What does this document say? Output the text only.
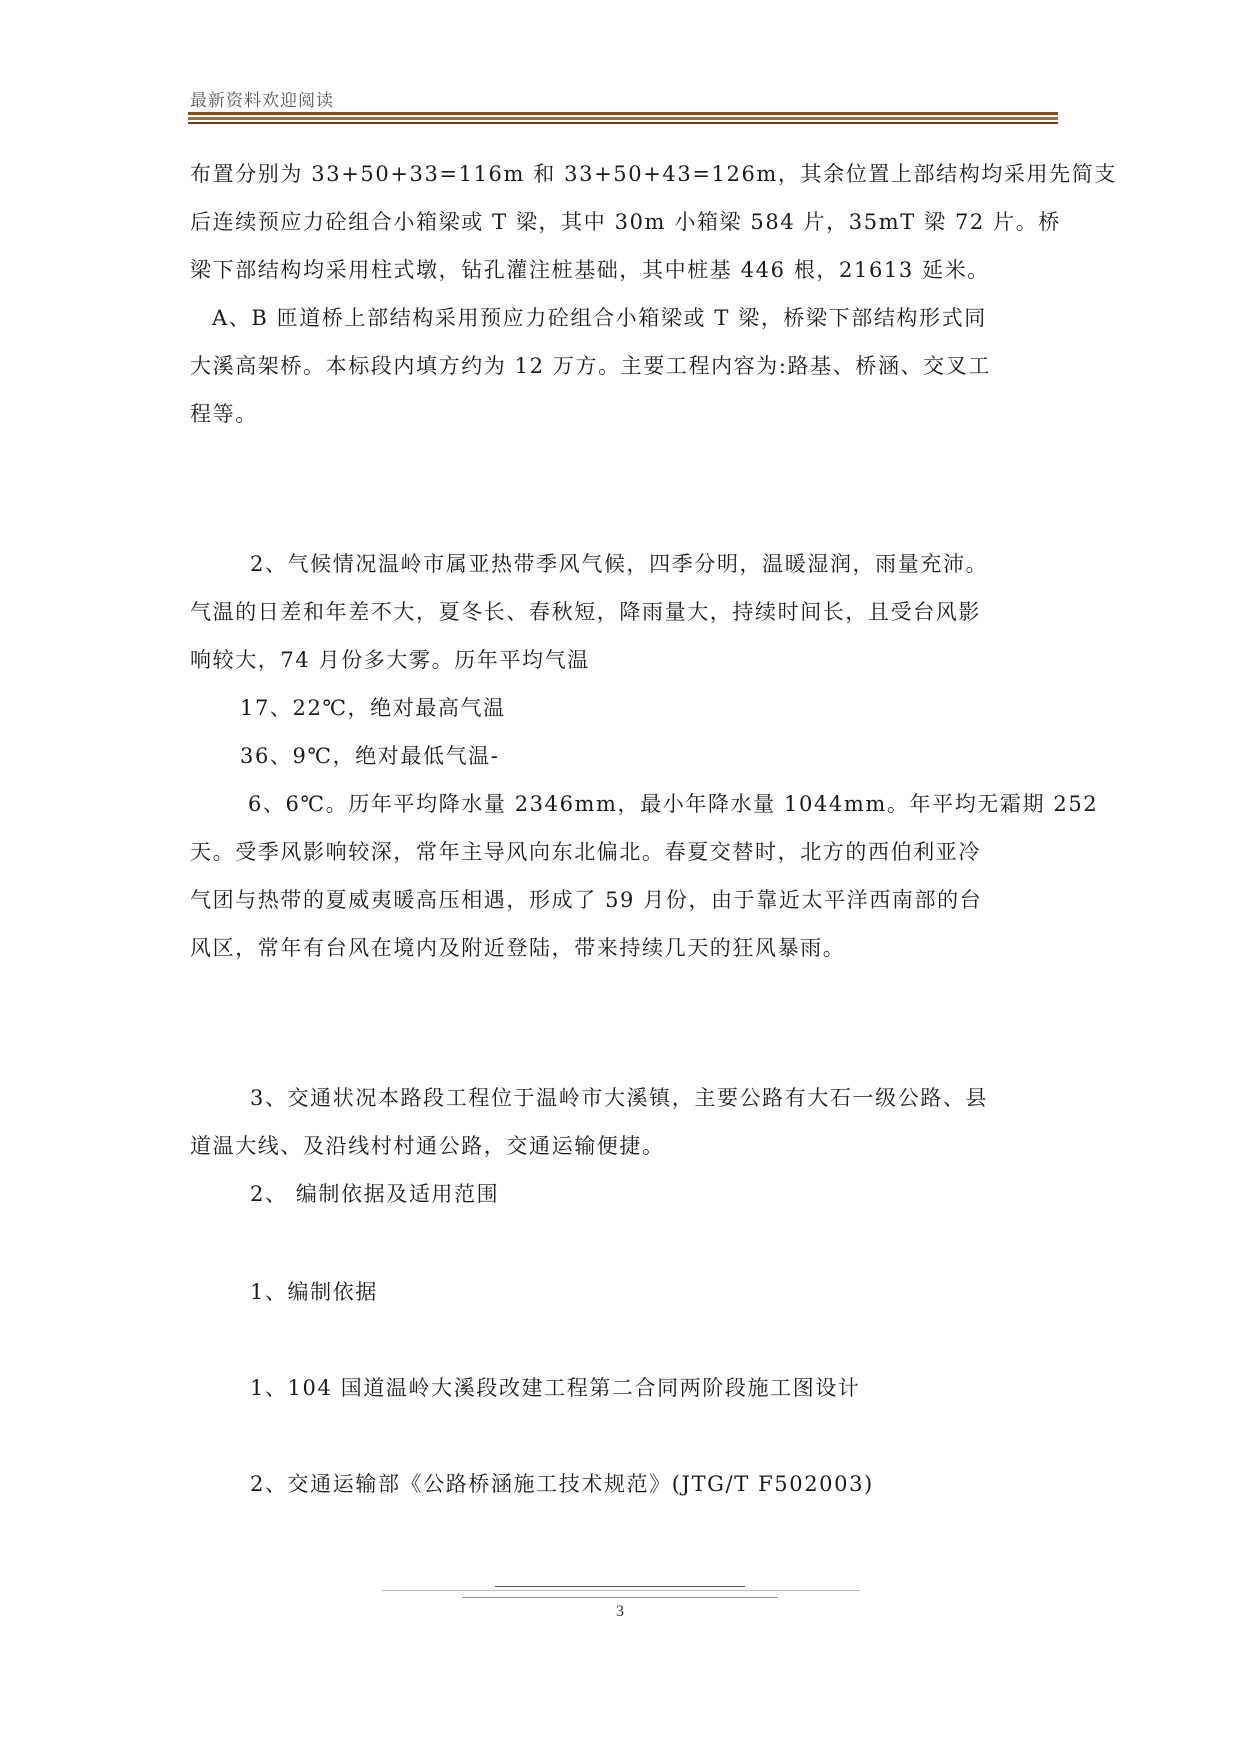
最新资料欢迎阅读
布置分别为 33+50+33=116m 和 33+50+43=126m，其余位置上部结构均采用先简支
后连续预应力砼组合小箱梁或 T 梁，其中 30m 小箱梁 584 片，35mT 梁 72 片。桥
梁下部结构均采用柱式墩，钻孔灌注桩基础，其中桩基 446 根，21613 延米。
A、B 匝道桥上部结构采用预应力砼组合小箱梁或 T 梁，桥梁下部结构形式同
大溪高架桥。本标段内填方约为 12 万方。主要工程内容为:路基、桥涵、交叉工
程等。
2、气候情况温岭市属亚热带季风气候，四季分明，温暖湿润，雨量充沛。
气温的日差和年差不大，夏冬长、春秋短，降雨量大，持续时间长，且受台风影
响较大，74 月份多大雾。历年平均气温
17、22℃，绝对最高气温
36、9℃，绝对最低气温-
6、6℃。历年平均降水量 2346mm，最小年降水量 1044mm。年平均无霜期 252
天。受季风影响较深，常年主导风向东北偏北。春夏交替时，北方的西伯利亚冷
气团与热带的夏威夷暖高压相遇，形成了 59 月份，由于靠近太平洋西南部的台
风区，常年有台风在境内及附近登陆，带来持续几天的狂风暴雨。
3、交通状况本路段工程位于温岭市大溪镇，主要公路有大石一级公路、县
道温大线、及沿线村村通公路，交通运输便捷。
2、 编制依据及适用范围
1、编制依据
1、104 国道温岭大溪段改建工程第二合同两阶段施工图设计
2、交通运输部《公路桥涵施工技术规范》(JTG/T F502003)
3
